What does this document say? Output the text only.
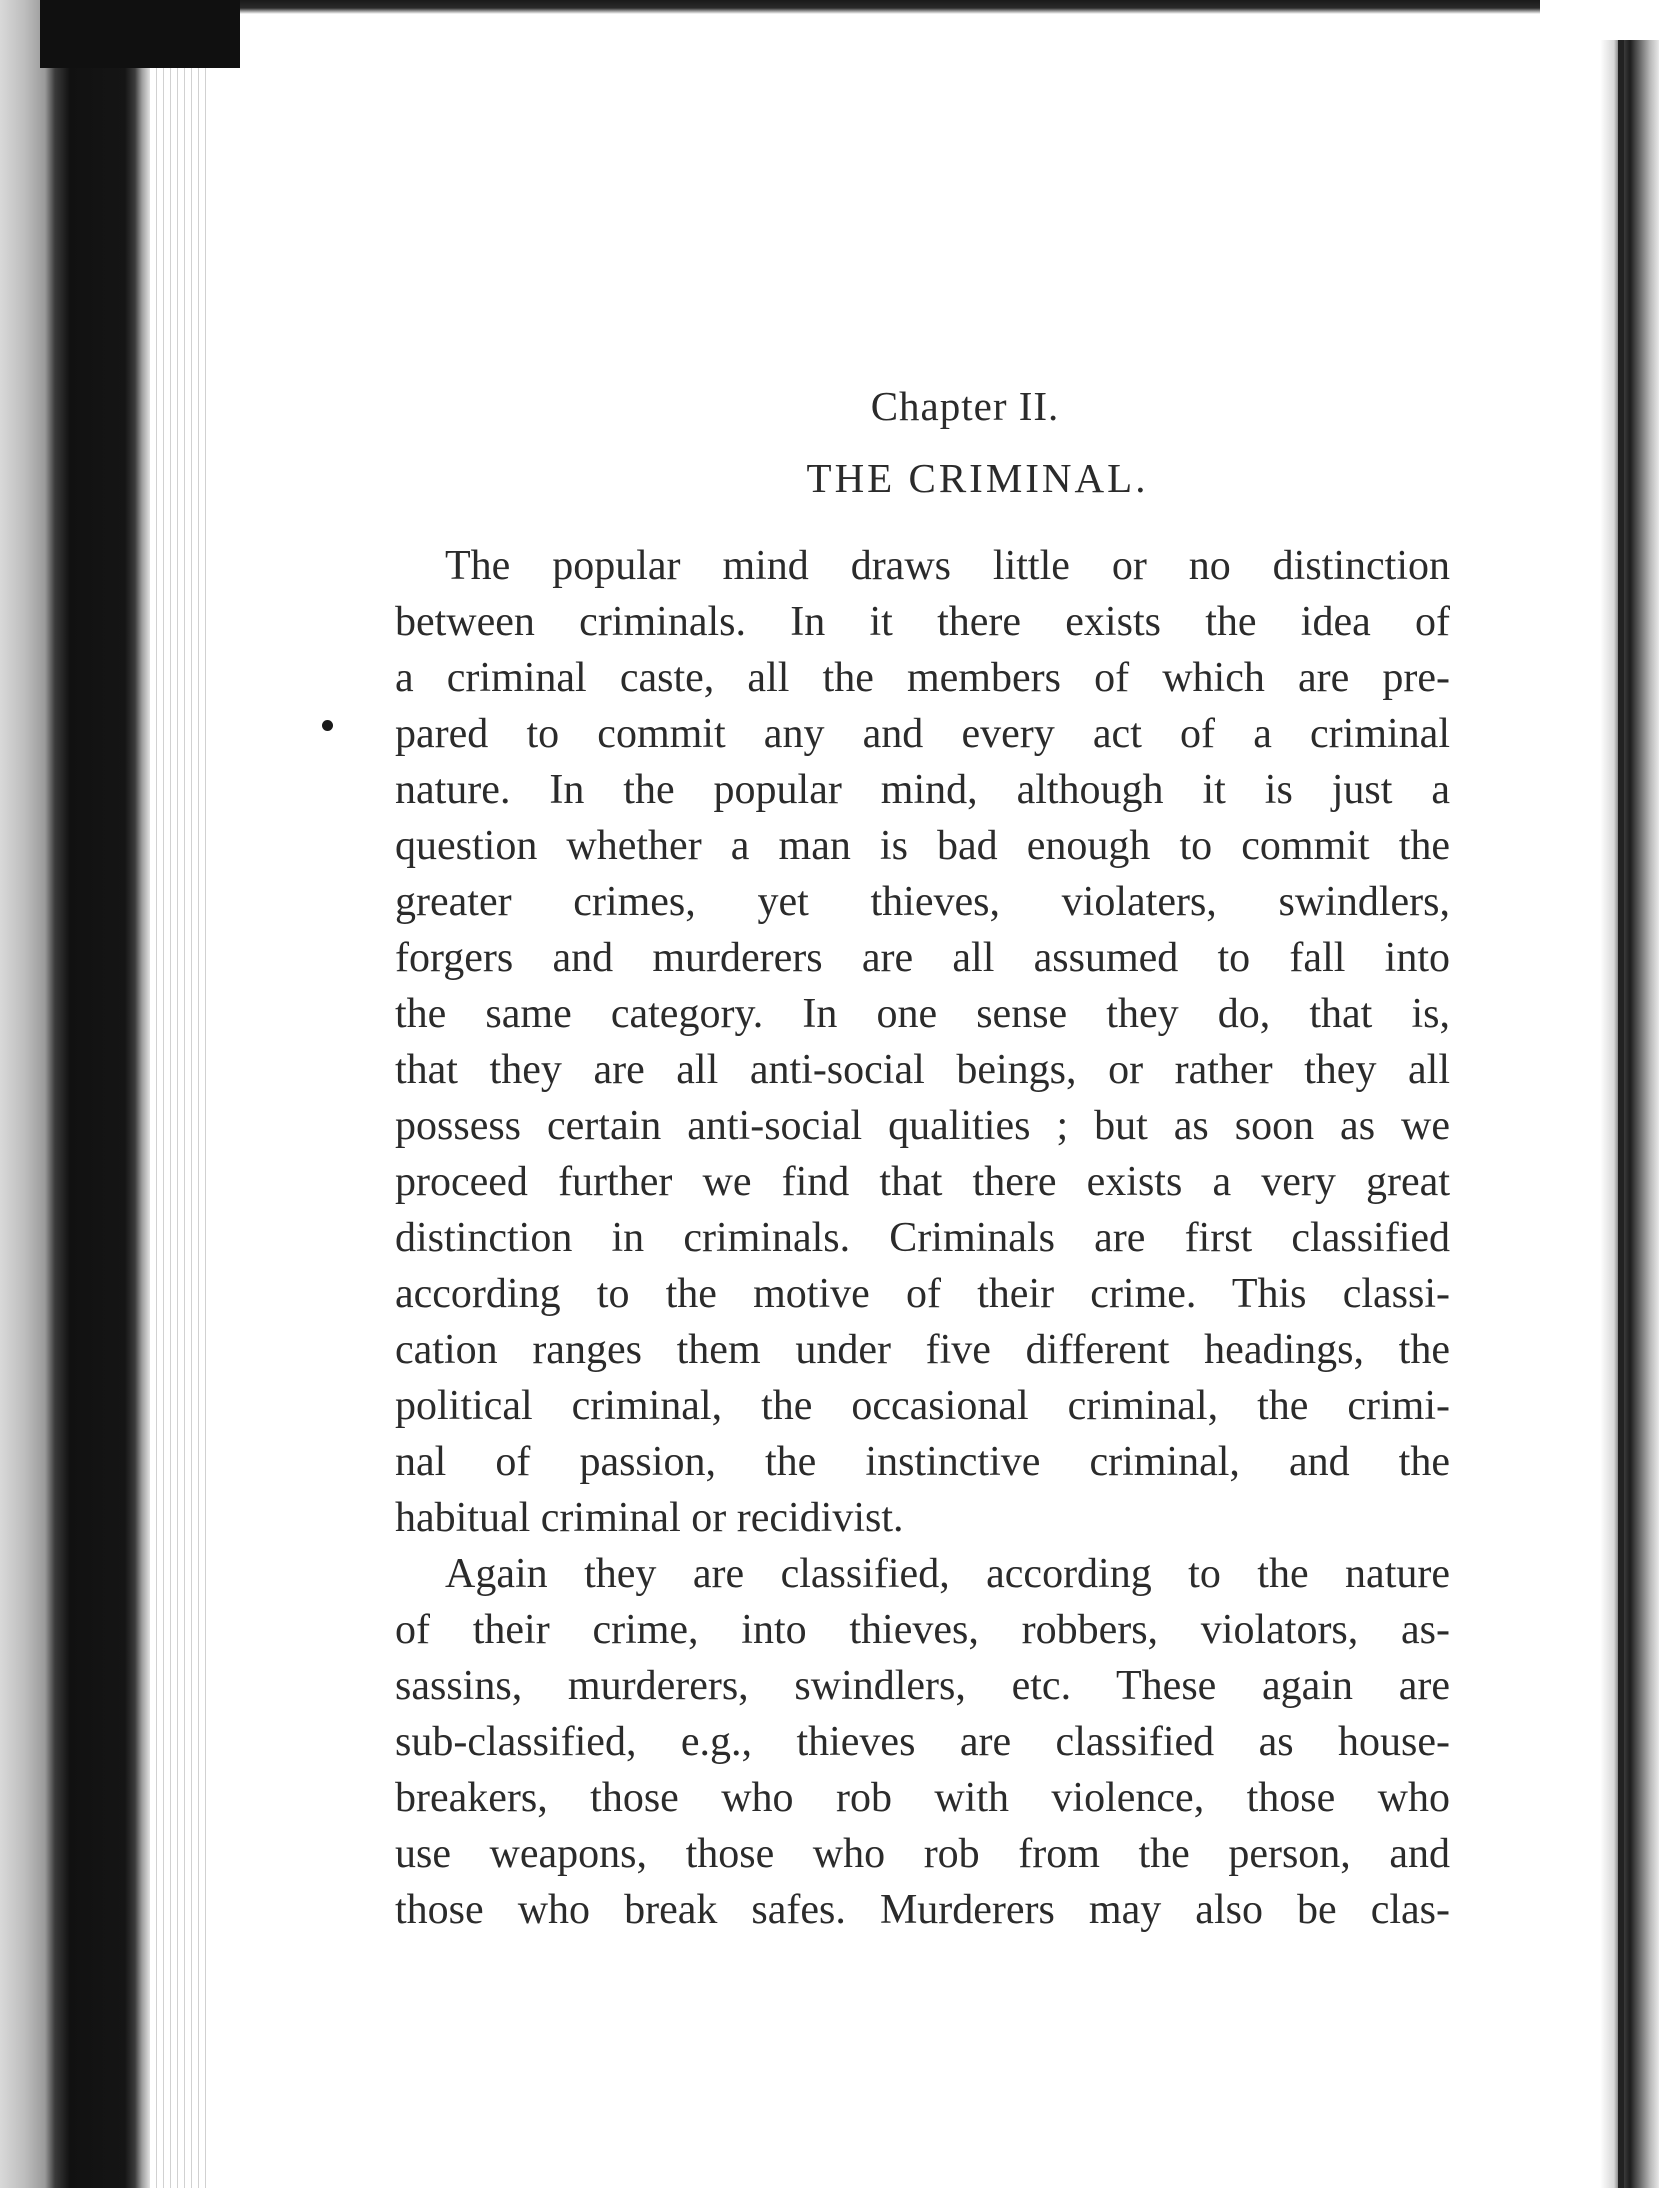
Chapter II.
THE CRIMINAL.
The popular mind draws little or no distinction
between criminals. In it there exists the idea of
a criminal caste, all the members of which are pre-
pared to commit any and every act of a criminal
nature. In the popular mind, although it is just a
question whether a man is bad enough to commit the
greater crimes, yet thieves, violaters, swindlers,
forgers and murderers are all assumed to fall into
the same category. In one sense they do, that is,
that they are all anti-social beings, or rather they all
possess certain anti-social qualities ; but as soon as we
proceed further we find that there exists a very great
distinction in criminals. Criminals are first classified
according to the motive of their crime. This classi-
cation ranges them under five different headings, the
political criminal, the occasional criminal, the crimi-
nal of passion, the instinctive criminal, and the
habitual criminal or recidivist.
Again they are classified, according to the nature
of their crime, into thieves, robbers, violators, as-
sassins, murderers, swindlers, etc. These again are
sub-classified, e.g., thieves are classified as house-
breakers, those who rob with violence, those who
use weapons, those who rob from the person, and
those who break safes. Murderers may also be clas-
